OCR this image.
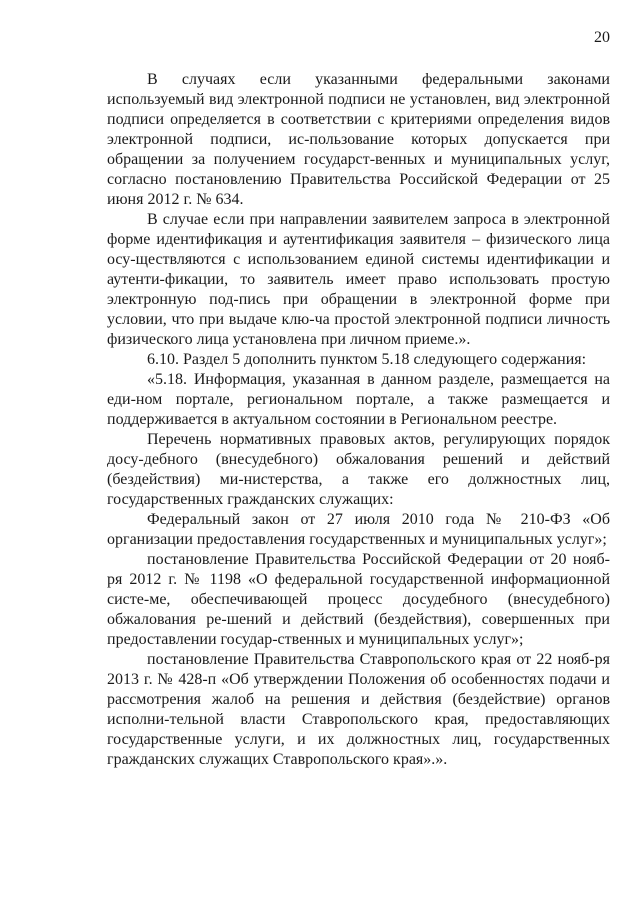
20

В случаях если указанными федеральными законами используемый вид электронной подписи не установлен, вид электронной подписи определяется в соответствии с критериями определения видов электронной подписи, ис-пользование которых допускается при обращении за получением государст-венных и муниципальных услуг, согласно постановлению Правительства Российской Федерации от 25 июня 2012 г. № 634.

В случае если при направлении заявителем запроса в электронной форме идентификация и аутентификация заявителя – физического лица осу-ществляются с использованием единой системы идентификации и аутенти-фикации, то заявитель имеет право использовать простую электронную под-пись при обращении в электронной форме при условии, что при выдаче клю-ча простой электронной подписи личность физического лица установлена при личном приеме.».

6.10. Раздел 5 дополнить пунктом 5.18 следующего содержания:

«5.18. Информация, указанная в данном разделе, размещается на еди-ном портале, региональном портале, а также размещается и поддерживается в актуальном состоянии в Региональном реестре.

Перечень нормативных правовых актов, регулирующих порядок досу-дебного (внесудебного) обжалования решений и действий (бездействия) ми-нистерства, а также его должностных лиц, государственных гражданских служащих:

Федеральный закон от 27 июля 2010 года № 210-ФЗ «Об организации предоставления государственных и муниципальных услуг»;

постановление Правительства Российской Федерации от 20 нояб-ря 2012 г. № 1198 «О федеральной государственной информационной систе-ме, обеспечивающей процесс досудебного (внесудебного) обжалования ре-шений и действий (бездействия), совершенных при предоставлении государ-ственных и муниципальных услуг»;

постановление Правительства Ставропольского края от 22 нояб-ря 2013 г. № 428-п «Об утверждении Положения об особенностях подачи и рассмотрения жалоб на решения и действия (бездействие) органов исполни-тельной власти Ставропольского края, предоставляющих государственные услуги, и их должностных лиц, государственных гражданских служащих Ставропольского края».».
